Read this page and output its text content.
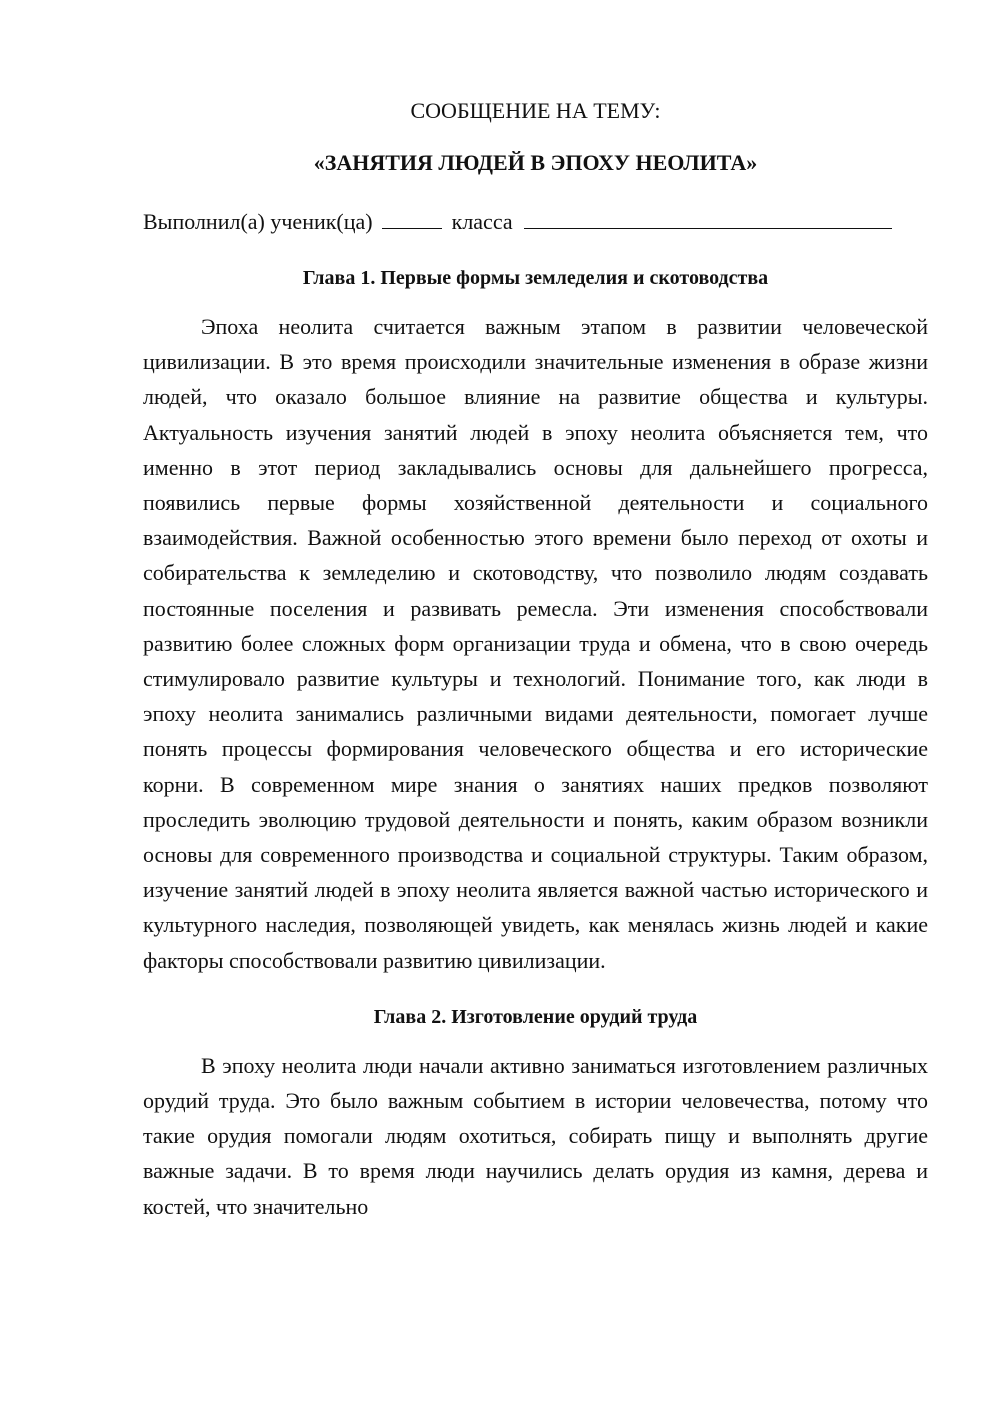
СООБЩЕНИЕ НА ТЕМУ:

«ЗАНЯТИЯ ЛЮДЕЙ В ЭПОХУ НЕОЛИТА»

Выполнил(а) ученик(ца)	класса

Глава 1. Первые формы земледелия и скотоводства

Эпоха неолита считается важным этапом в развитии человеческой цивилизации. В это время происходили значительные изменения в образе жизни людей, что оказало большое влияние на развитие общества и культуры. Актуальность изучения занятий людей в эпоху неолита объясняется тем, что именно в этот период закладывались основы для дальнейшего прогресса, появились первые формы хозяйственной деятельности и социального взаимодействия. Важной особенностью этого времени было переход от охоты и собирательства к земледелию и скотоводству, что позволило людям создавать постоянные поселения и развивать ремесла. Эти изменения способствовали развитию более сложных форм организации труда и обмена, что в свою очередь стимулировало развитие культуры и технологий. Понимание того, как люди в эпоху неолита занимались различными видами деятельности, помогает лучше понять процессы формирования человеческого общества и его исторические корни. В современном мире знания о занятиях наших предков позволяют проследить эволюцию трудовой деятельности и понять, каким образом возникли основы для современного производства и социальной структуры. Таким образом, изучение занятий людей в эпоху неолита является важной частью исторического и культурного наследия, позволяющей увидеть, как менялась жизнь людей и какие факторы способствовали развитию цивилизации.

Глава 2. Изготовление орудий труда

В эпоху неолита люди начали активно заниматься изготовлением различных орудий труда. Это было важным событием в истории человечества, потому что такие орудия помогали людям охотиться, собирать пищу и выполнять другие важные задачи. В то время люди научились делать орудия из камня, дерева и костей, что значительно
